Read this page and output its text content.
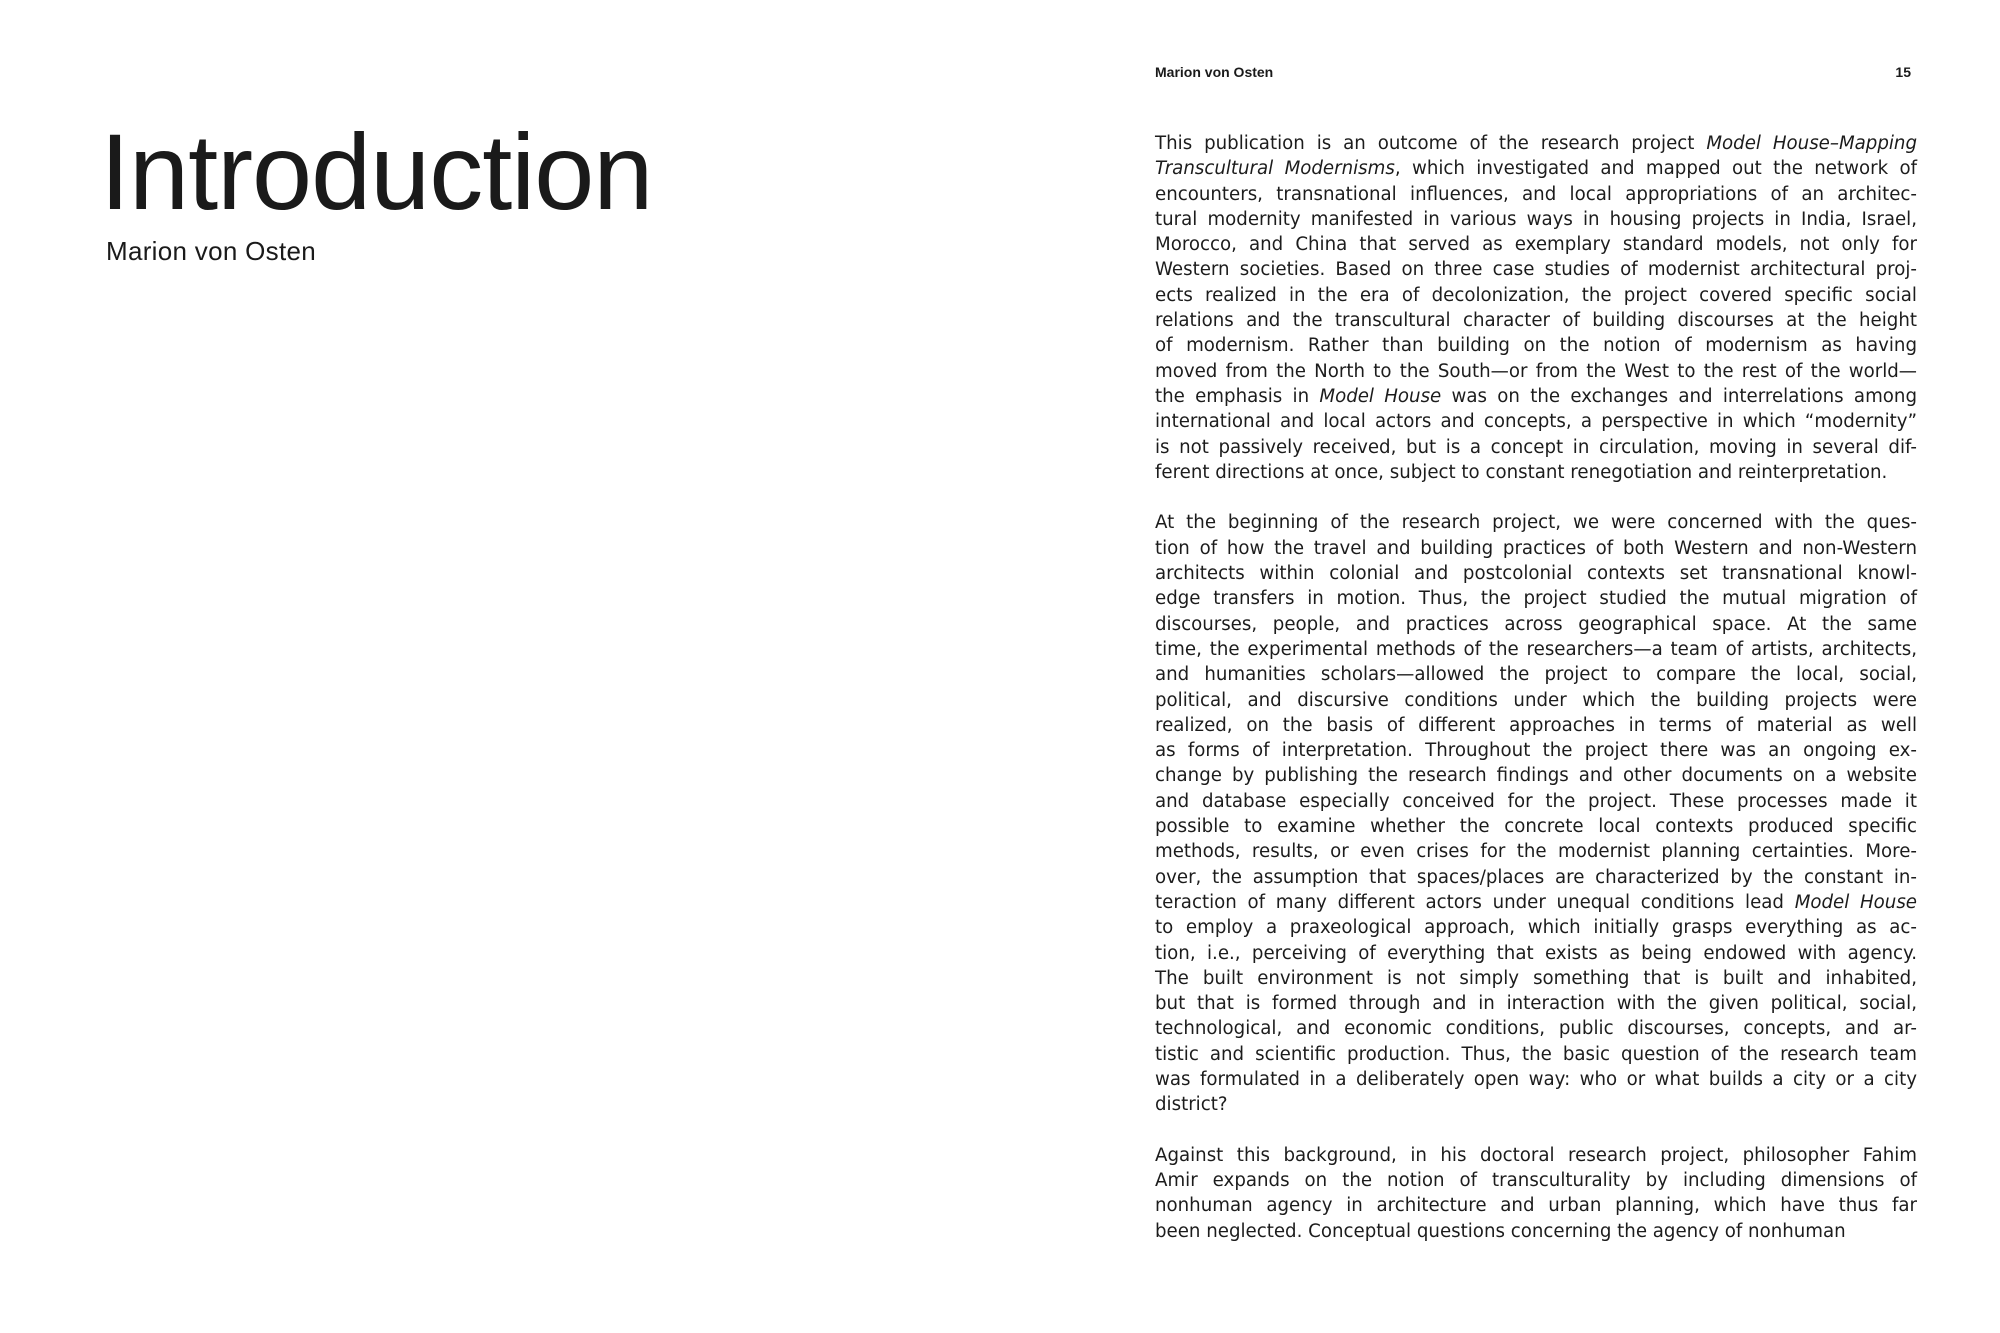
Introduction

Marion von Osten

Marion von Osten	15
This publication is an outcome of the research project Model House–Mapping
Transcultural Modernisms, which investigated and mapped out the network of
encounters, transnational influences, and local appropriations of an architec-
tural modernity manifested in various ways in housing projects in India, Israel,
Morocco, and China that served as exemplary standard models, not only for
Western societies. Based on three case studies of modernist architectural proj-
ects realized in the era of decolonization, the project covered specific social
relations and the transcultural character of building discourses at the height
of modernism. Rather than building on the notion of modernism as having
moved from the North to the South—or from the West to the rest of the world—
the emphasis in Model House was on the exchanges and interrelations among
international and local actors and concepts, a perspective in which “modernity”
is not passively received, but is a concept in circulation, moving in several dif-
ferent directions at once, subject to constant renegotiation and reinterpretation.
At the beginning of the research project, we were concerned with the ques-
tion of how the travel and building practices of both Western and non-Western
architects within colonial and postcolonial contexts set transnational knowl-
edge transfers in motion. Thus, the project studied the mutual migration of
discourses, people, and practices across geographical space. At the same
time, the experimental methods of the researchers—a team of artists, architects,
and humanities scholars—allowed the project to compare the local, social,
political, and discursive conditions under which the building projects were
realized, on the basis of different approaches in terms of material as well
as forms of interpretation. Throughout the project there was an ongoing ex-
change by publishing the research findings and other documents on a website
and database especially conceived for the project. These processes made it
possible to examine whether the concrete local contexts produced specific
methods, results, or even crises for the modernist planning certainties. More-
over, the assumption that spaces/places are characterized by the constant in-
teraction of many different actors under unequal conditions lead Model House
to employ a praxeological approach, which initially grasps everything as ac-
tion, i.e., perceiving of everything that exists as being endowed with agency.
The built environment is not simply something that is built and inhabited,
but that is formed through and in interaction with the given political, social,
technological, and economic conditions, public discourses, concepts, and ar-
tistic and scientific production. Thus, the basic question of the research team
was formulated in a deliberately open way: who or what builds a city or a city
district?
Against this background, in his doctoral research project, philosopher Fahim
Amir expands on the notion of transculturality by including dimensions of
nonhuman agency in architecture and urban planning, which have thus far
been neglected. Conceptual questions concerning the agency of nonhuman
